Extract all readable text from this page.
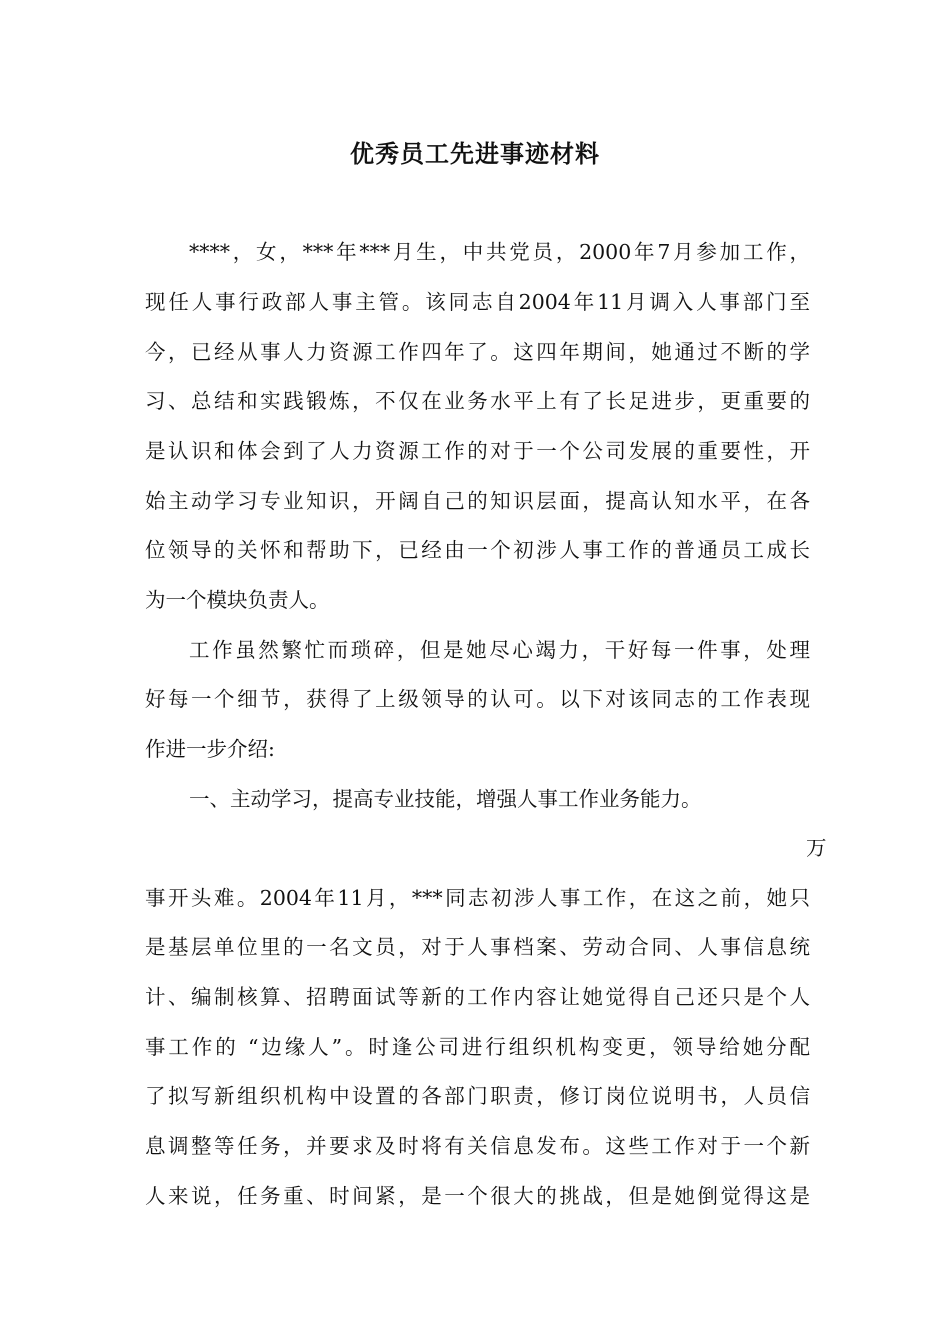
优秀员工先进事迹材料
****，女，***年***月生，中共党员，2000年7月参加工作，
现任人事行政部人事主管。该同志自2004年11月调入人事部门至
今，已经从事人力资源工作四年了。这四年期间，她通过不断的学
习、总结和实践锻炼，不仅在业务水平上有了长足进步，更重要的
是认识和体会到了人力资源工作的对于一个公司发展的重要性，开
始主动学习专业知识，开阔自己的知识层面，提高认知水平，在各
位领导的关怀和帮助下，已经由一个初涉人事工作的普通员工成长
为一个模块负责人。
工作虽然繁忙而琐碎，但是她尽心竭力，干好每一件事，处理
好每一个细节，获得了上级领导的认可。以下对该同志的工作表现
作进一步介绍:
一、主动学习，提高专业技能，增强人事工作业务能力。
万
事开头难。2004年11月，***同志初涉人事工作，在这之前，她只
是基层单位里的一名文员，对于人事档案、劳动合同、人事信息统
计、编制核算、招聘面试等新的工作内容让她觉得自己还只是个人
事工作的 “边缘人”。时逢公司进行组织机构变更，领导给她分配
了拟写新组织机构中设置的各部门职责，修订岗位说明书，人员信
息调整等任务，并要求及时将有关信息发布。这些工作对于一个新
人来说，任务重、时间紧，是一个很大的挑战，但是她倒觉得这是
